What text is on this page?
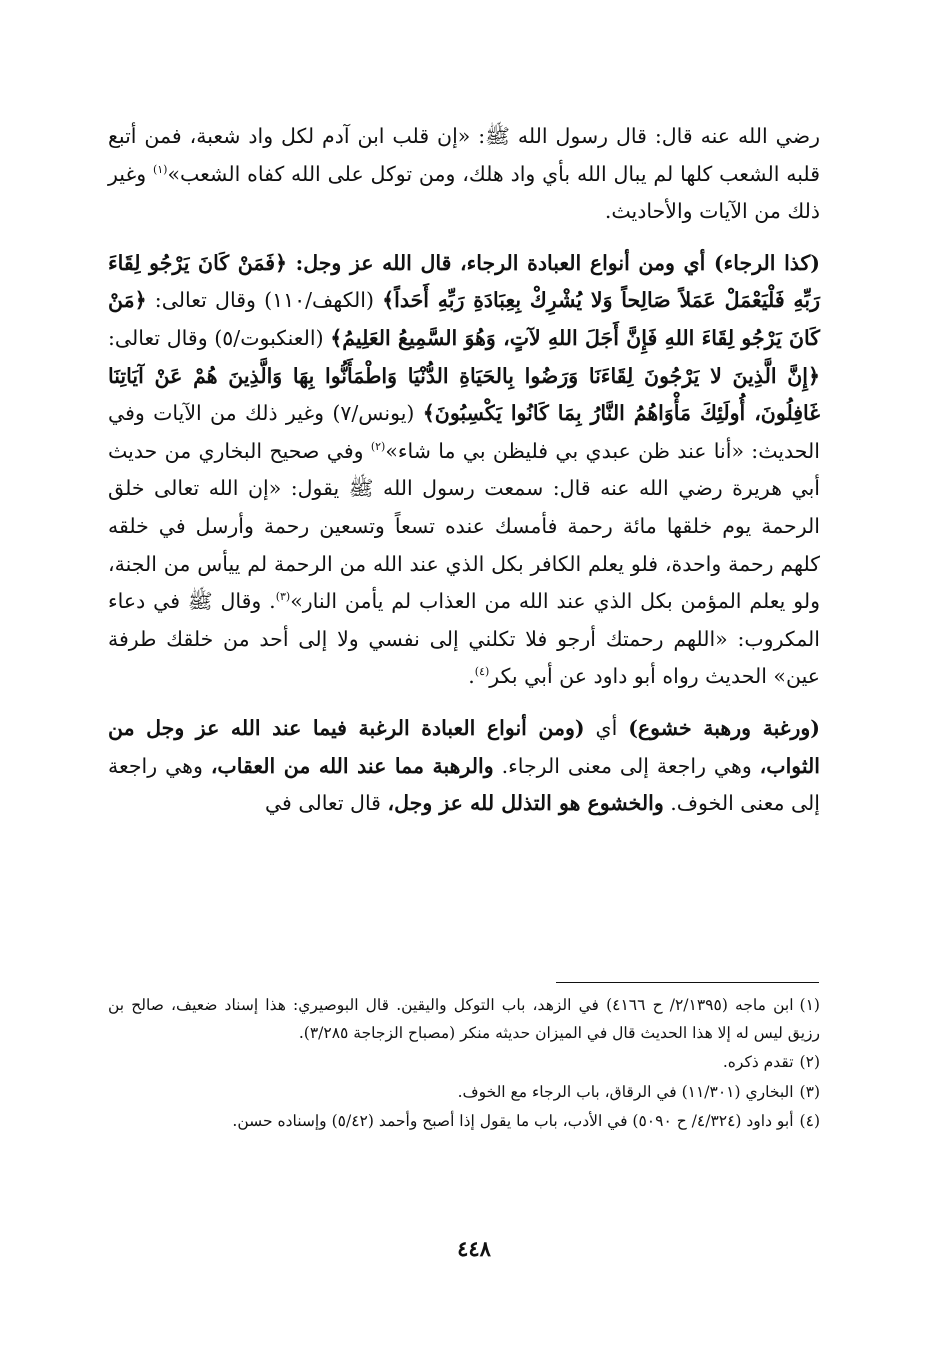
رضي الله عنه قال: قال رسول الله ﷺ: «إن قلب ابن آدم لكل واد شعبة، فمن أتبع قلبه الشعب كلها لم يبال الله بأي واد هلك، ومن توكل على الله كفاه الشعب»$^{(١)}$ وغير ذلك من الآيات والأحاديث.

(كذا الرجاء) أي ومن أنواع العبادة الرجاء، قال الله عز وجل: ﴿فَمَنْ كَانَ يَرْجُو لِقَاءَ رَبِّهِ فَلْيَعْمَلْ عَمَلاً صَالِحاً وَلا يُشْرِكْ بِعِبَادَةِ رَبِّهِ أَحَداً﴾ (الكهف/١١٠) وقال تعالى: ﴿مَنْ كَانَ يَرْجُو لِقَاءَ اللهِ فَإِنَّ أَجَلَ اللهِ لآتٍ، وَهُوَ السَّمِيعُ العَلِيمُ﴾ (العنكبوت/٥) وقال تعالى: ﴿إِنَّ الَّذِينَ لا يَرْجُونَ لِقَاءَنَا وَرَضُوا بِالحَيَاةِ الدُّنْيَا وَاطْمَأَنُّوا بِهَا وَالَّذِينَ هُمْ عَنْ آيَاتِنَا غَافِلُونَ، أُولَئِكَ مَأْوَاهُمُ النَّارُ بِمَا كَانُوا يَكْسِبُونَ﴾ (يونس/٧) وغير ذلك من الآيات وفي الحديث: «أنا عند ظن عبدي بي فليظن بي ما شاء»$^{(٢)}$ وفي صحيح البخاري من حديث أبي هريرة رضي الله عنه قال: سمعت رسول الله ﷺ يقول: «إن الله تعالى خلق الرحمة يوم خلقها مائة رحمة فأمسك عنده تسعاً وتسعين رحمة وأرسل في خلقه كلهم رحمة واحدة، فلو يعلم الكافر بكل الذي عند الله من الرحمة لم ييأس من الجنة، ولو يعلم المؤمن بكل الذي عند الله من العذاب لم يأمن النار»$^{(٣)}$. وقال ﷺ في دعاء المكروب: «اللهم رحمتك أرجو فلا تكلني إلى نفسي ولا إلى أحد من خلقك طرفة عين» الحديث رواه أبو داود عن أبي بكر$^{(٤)}$.

(ورغبة ورهبة خشوع) أي (ومن أنواع العبادة الرغبة فيما عند الله عز وجل من الثواب، وهي راجعة إلى معنى الرجاء. والرهبة مما عند الله من العقاب، وهي راجعة إلى معنى الخوف. والخشوع هو التذلل لله عز وجل، قال تعالى في

(١)ابن ماجه (٢/١٣٩٥/ ح ٤١٦٦) في الزهد، باب التوكل واليقين. قال البوصيري: هذا إسناد ضعيف، صالح بن رزيق ليس له إلا هذا الحديث قال في الميزان حديثه منكر (مصباح الزجاجة ٣/٢٨٥).

(٢)تقدم ذكره.

(٣)البخاري (١١/٣٠١) في الرقاق، باب الرجاء مع الخوف.

(٤)أبو داود (٤/٣٢٤/ ح ٥٠٩٠) في الأدب، باب ما يقول إذا أصبح وأحمد (٥/٤٢) وإسناده حسن.

٤٤٨
